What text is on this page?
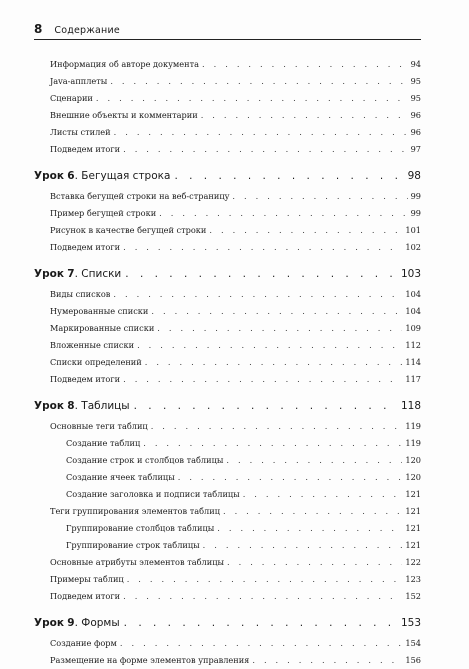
8 Содержание
Информация об авторе документа . . .	94
Java-апплеты . . .	95
Сценарии . . .	95
Внешние объекты и комментарии . . .	96
Листы стилей . . .	96
Подведем итоги . . .	97
Урок 6. Бегущая строка . . .	98
Вставка бегущей строки на веб-страницу . . .	99
Пример бегущей строки . . .	99
Рисунок в качестве бегущей строки . . .	101
Подведем итоги . . .	102
Урок 7. Списки . . .	103
Виды списков . . .	104
Нумерованные списки . . .	104
Маркированные списки . . .	109
Вложенные списки . . .	112
Списки определений . . .	114
Подведем итоги . . .	117
Урок 8. Таблицы . . .	118
Основные теги таблиц . . .	119
Создание таблиц . . .	119
Создание строк и столбцов таблицы . . .	120
Создание ячеек таблицы . . .	120
Создание заголовка и подписи таблицы . . .	121
Теги группирования элементов таблиц . . .	121
Группирование столбцов таблицы . . .	121
Группирование строк таблицы . . .	121
Основные атрибуты элементов таблицы . . .	122
Примеры таблиц . . .	123
Подведем итоги . . .	152
Урок 9. Формы . . .	153
Создание форм . . .	154
Размещение на форме элементов управления . . .	156
